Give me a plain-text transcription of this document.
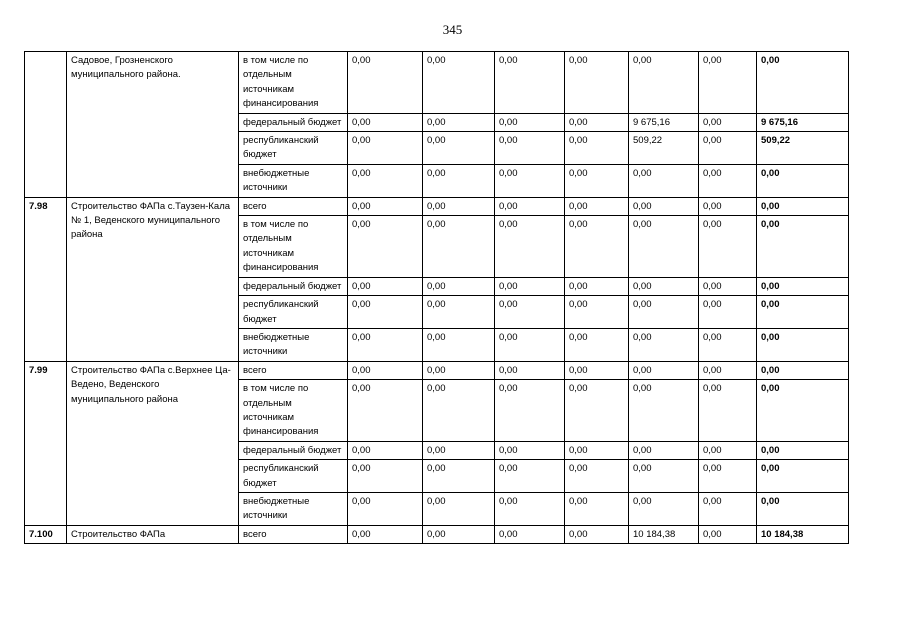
345
	Садовое, Грозненского муниципального района.	в том числе по отдельным источникам финансирования	0,00	0,00	0,00	0,00	0,00	0,00	0,00
		федеральный бюджет	0,00	0,00	0,00	0,00	9 675,16	0,00	9 675,16
		республиканский бюджет	0,00	0,00	0,00	0,00	509,22	0,00	509,22
		внебюджетные источники	0,00	0,00	0,00	0,00	0,00	0,00	0,00
7.98	Строительство ФАПа с.Таузен-Кала № 1, Веденского муниципального района	всего	0,00	0,00	0,00	0,00	0,00	0,00	0,00
		в том числе по отдельным источникам финансирования	0,00	0,00	0,00	0,00	0,00	0,00	0,00
		федеральный бюджет	0,00	0,00	0,00	0,00	0,00	0,00	0,00
		республиканский бюджет	0,00	0,00	0,00	0,00	0,00	0,00	0,00
		внебюджетные источники	0,00	0,00	0,00	0,00	0,00	0,00	0,00
7.99	Строительство ФАПа с.Верхнее Ца-Ведено, Веденского муниципального района	всего	0,00	0,00	0,00	0,00	0,00	0,00	0,00
		в том числе по отдельным источникам финансирования	0,00	0,00	0,00	0,00	0,00	0,00	0,00
		федеральный бюджет	0,00	0,00	0,00	0,00	0,00	0,00	0,00
		республиканский бюджет	0,00	0,00	0,00	0,00	0,00	0,00	0,00
		внебюджетные источники	0,00	0,00	0,00	0,00	0,00	0,00	0,00
7.100	Строительство ФАПа	всего	0,00	0,00	0,00	0,00	10 184,38	0,00	10 184,38
